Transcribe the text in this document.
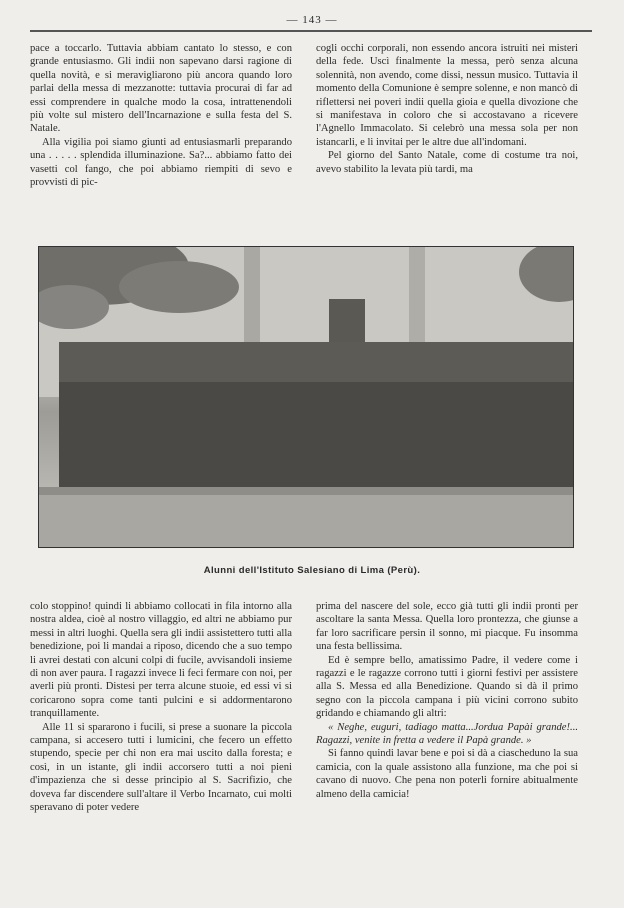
— 143 —

pace a toccarlo. Tuttavia abbiam cantato lo stesso, e con grande entusiasmo. Gli indii non sapevano darsi ragione di quella novità, e si meravigliarono più ancora quando loro parlai della messa di mezzanotte: tuttavia procurai di far ad essi comprendere in qualche modo la cosa, intrattenendoli più volte sul mistero dell'Incarnazione e sulla festa del S. Natale.

Alla vigilia poi siamo giunti ad entusiasmarli preparando una . . . . . splendida illuminazione. Sa?... abbiamo fatto dei vasetti col fango, che poi abbiamo riempiti di sevo e provvisti di pic-

cogli occhi corporali, non essendo ancora istruiti nei misteri della fede. Uscì finalmente la messa, però senza alcuna solennità, non avendo, come dissi, nessun musico. Tuttavia il momento della Comunione è sempre solenne, e non mancò di riflettersi nei poveri indii quella gioia e quella divozione che si manifestava in coloro che si accostavano a ricevere l'Agnello Immacolato. Si celebrò una messa sola per non istancarli, e li invitai per le altre due all'indomani.

Pel giorno del Santo Natale, come di costume tra noi, avevo stabilito la levata più tardi, ma

Alunni dell'Istituto Salesiano di Lima (Perù).

colo stoppino! quindi li abbiamo collocati in fila intorno alla nostra aldea, cioè al nostro villaggio, ed altri ne abbiamo pur messi in altri luoghi. Quella sera gli indii assistettero tutti alla benedizione, poi li mandai a riposo, dicendo che a suo tempo li avrei destati con alcuni colpi di fucile, avvisandoli insieme di non aver paura. I ragazzi invece li feci fermare con noi, per averli più pronti. Distesi per terra alcune stuoie, ed essi vi si coricarono sopra come tanti pulcini e si addormentarono tranquillamente.

Alle 11 si spararono i fucili, si prese a suonare la piccola campana, si accesero tutti i lumicini, che fecero un effetto stupendo, specie per chi non era mai uscito dalla foresta; e così, in un istante, gli indii accorsero tutti a noi pieni d'impazienza che si desse principio al S. Sacrifizio, che doveva far discendere sull'altare il Verbo Incarnato, cui molti speravano di poter vedere

prima del nascere del sole, ecco già tutti gli indii pronti per ascoltare la santa Messa. Quella loro prontezza, che giunse a far loro sacrificare persin il sonno, mi piacque. Fu insomma una festa bellissima.

Ed è sempre bello, amatissimo Padre, il vedere come i ragazzi e le ragazze corrono tutti i giorni festivi per assistere alla S. Messa ed alla Benedizione. Quando si dà il primo segno con la piccola campana i più vicini corrono subito gridando e chiamando gli altri:

« Neghe, euguri, tadiago matta...Jordua Papài grande!... Ragazzi, venite in fretta a vedere il Papà grande. »

Si fanno quindi lavar bene e poi si dà a ciascheduno la sua camicia, con la quale assistono alla funzione, ma che poi si cavano di nuovo. Che pena non poterli fornire abitualmente almeno della camicia!
